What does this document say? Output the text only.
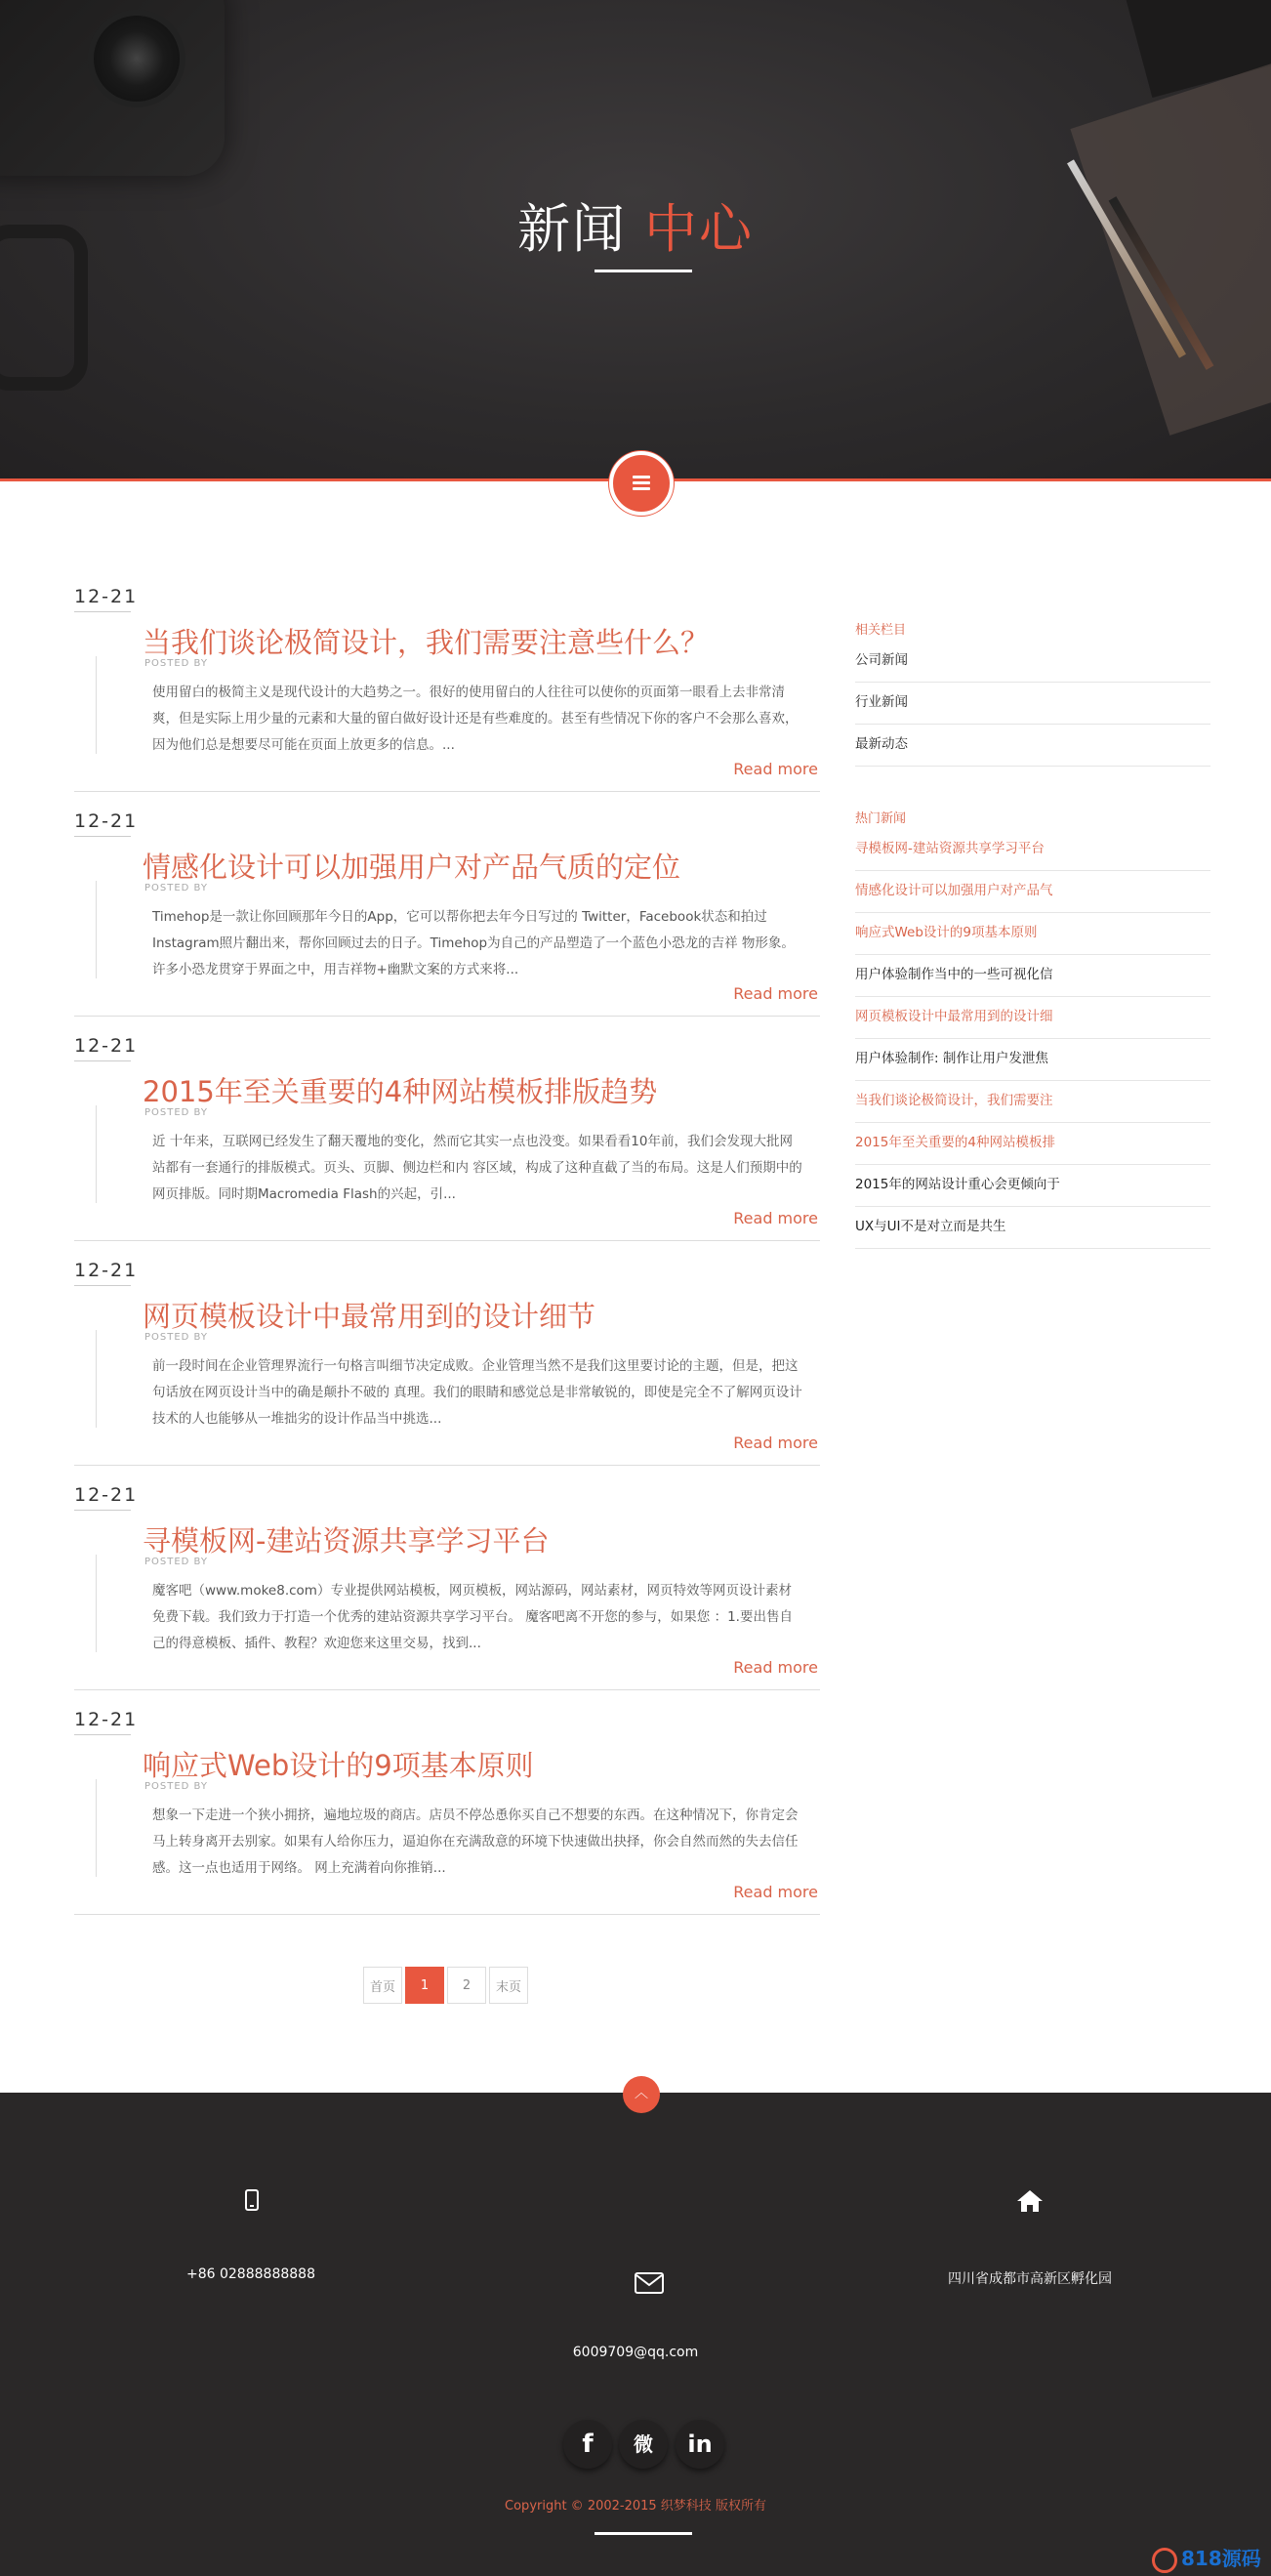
新闻 中心
12-21
当我们谈论极简设计，我们需要注意些什么？
POSTED BY
使用留白的极简主义是现代设计的大趋势之一。很好的使用留白的人往往可以使你的页面第一眼看上去非常清爽，但是实际上用少量的元素和大量的留白做好设计还是有些难度的。甚至有些情况下你的客户不会那么喜欢，因为他们总是想要尽可能在页面上放更多的信息。...
Read more
12-21
情感化设计可以加强用户对产品气质的定位
POSTED BY
Timehop是一款让你回顾那年今日的App，它可以帮你把去年今日写过的 Twitter，Facebook状态和拍过Instagram照片翻出来，帮你回顾过去的日子。Timehop为自己的产品塑造了一个蓝色小恐龙的吉祥 物形象。许多小恐龙贯穿于界面之中，用吉祥物+幽默文案的方式来将...
Read more
12-21
2015年至关重要的4种网站模板排版趋势
POSTED BY
近 十年来，互联网已经发生了翻天覆地的变化，然而它其实一点也没变。如果看看10年前，我们会发现大批网站都有一套通行的排版模式。页头、页脚、侧边栏和内 容区域，构成了这种直截了当的布局。这是人们预期中的网页排版。同时期Macromedia Flash的兴起，引...
Read more
12-21
网页模板设计中最常用到的设计细节
POSTED BY
前一段时间在企业管理界流行一句格言叫细节决定成败。企业管理当然不是我们这里要讨论的主题，但是，把这句话放在网页设计当中的确是颠扑不破的 真理。我们的眼睛和感觉总是非常敏锐的，即使是完全不了解网页设计技术的人也能够从一堆拙劣的设计作品当中挑选...
Read more
12-21
寻模板网-建站资源共享学习平台
POSTED BY
魔客吧（www.moke8.com）专业提供网站模板，网页模板，网站源码，网站素材，网页特效等网页设计素材免费下载。我们致力于打造一个优秀的建站资源共享学习平台。 魔客吧离不开您的参与，如果您 ：1.要出售自己的得意模板、插件、教程？欢迎您来这里交易，找到...
Read more
12-21
响应式Web设计的9项基本原则
POSTED BY
想象一下走进一个狭小拥挤，遍地垃圾的商店。店员不停怂恿你买自己不想要的东西。在这种情况下，你肯定会马上转身离开去别家。如果有人给你压力，逼迫你在充满敌意的环境下快速做出抉择，你会自然而然的失去信任感。这一点也适用于网络。 网上充满着向你推销...
Read more
相关栏目
公司新闻
行业新闻
最新动态
热门新闻
寻模板网-建站资源共享学习平台
情感化设计可以加强用户对产品气
响应式Web设计的9项基本原则
用户体验制作当中的一些可视化信
网页模板设计中最常用到的设计细
用户体验制作: 制作让用户发泄焦
当我们谈论极简设计，我们需要注
2015年至关重要的4种网站模板排
2015年的网站设计重心会更倾向于
UX与UI不是对立而是共生
首页	1	2	末页
︿
+86 02888888888
6009709@qq.com
四川省成都市高新区孵化园
f	微	in
Copyright © 2002-2015 织梦科技 版权所有
818源码
